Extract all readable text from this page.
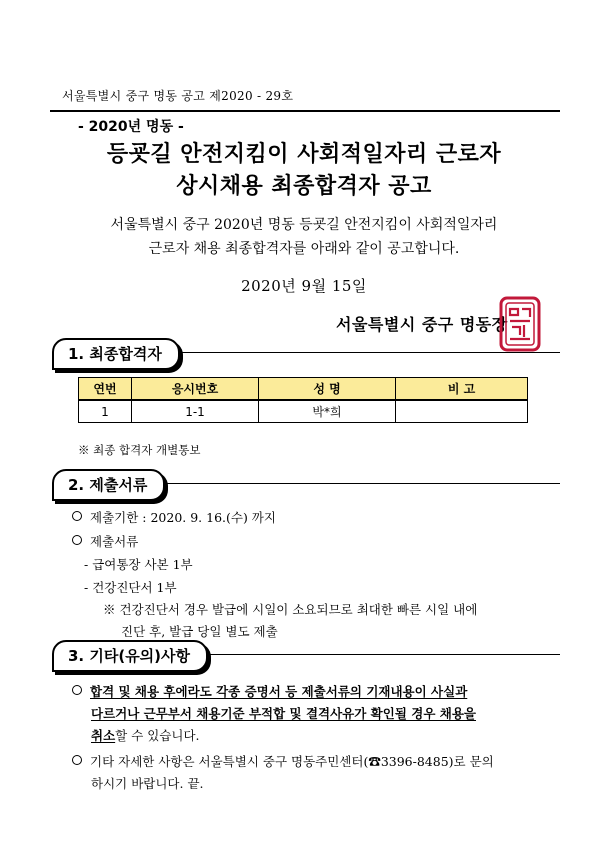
서울특별시 중구 명동 공고 제2020 - 29호
- 2020년 명동 -
등굣길 안전지킴이 사회적일자리 근로자
상시채용 최종합격자 공고
서울특별시 중구 2020년 명동 등굣길 안전지킴이 사회적일자리
근로자 채용 최종합격자를 아래와 같이 공고합니다.
2020년 9월 15일
서울특별시 중구 명동장
1. 최종합격자
연번	응시번호	성 명	비 고
1	1-1	박*희	
※ 최종 합격자 개별통보
2. 제출서류
제출기한 : 2020. 9. 16.(수) 까지
제출서류
- 급여통장 사본 1부
- 건강진단서 1부
※ 건강진단서 경우 발급에 시일이 소요되므로 최대한 빠른 시일 내에
진단 후, 발급 당일 별도 제출
3. 기타(유의)사항
합격 및 채용 후에라도 각종 증명서 등 제출서류의 기재내용이 사실과
다르거나 근무부서 채용기준 부적합 및 결격사유가 확인될 경우 채용을
취소할 수 있습니다.
기타 자세한 사항은 서울특별시 중구 명동주민센터(☎3396-8485)로 문의
하시기 바랍니다. 끝.
